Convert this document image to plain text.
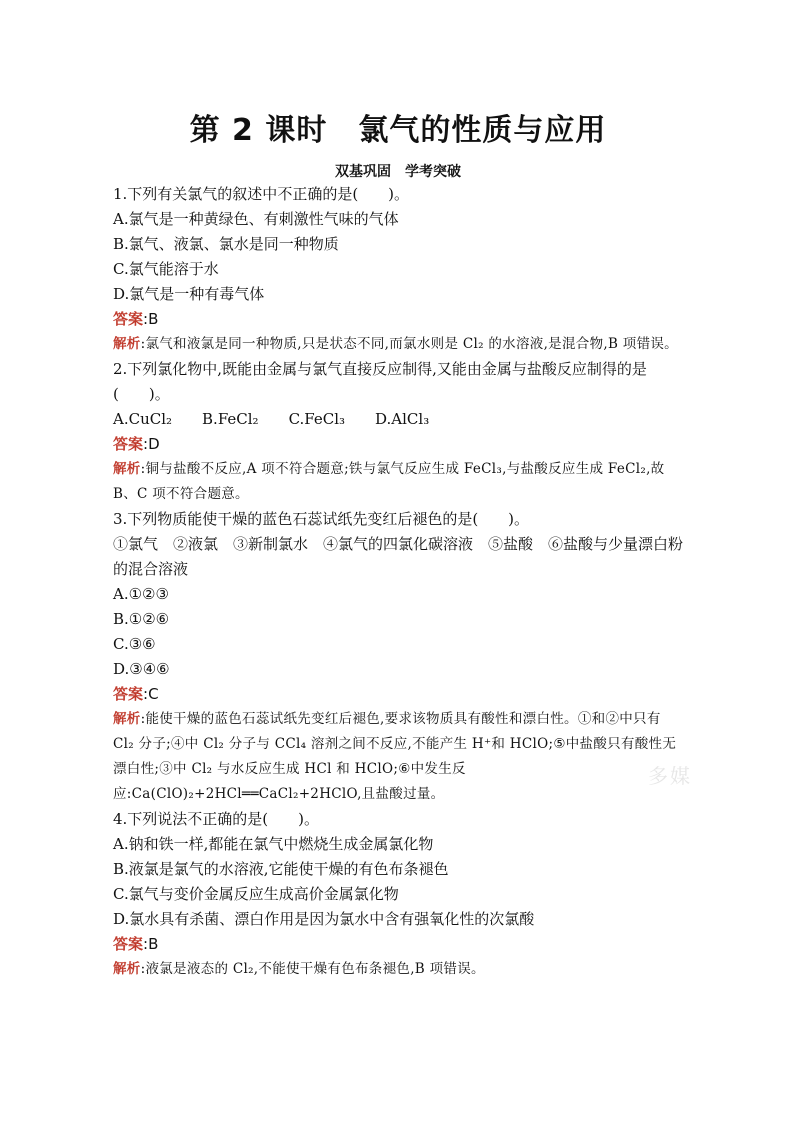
多媒
第 2 课时　氯气的性质与应用
双基巩固　学考突破
1.下列有关氯气的叙述中不正确的是(　　)。
A.氯气是一种黄绿色、有刺激性气味的气体
B.氯气、液氯、氯水是同一种物质
C.氯气能溶于水
D.氯气是一种有毒气体
答案:B
解析:氯气和液氯是同一种物质,只是状态不同,而氯水则是 Cl₂ 的水溶液,是混合物,B 项错误。
2.下列氯化物中,既能由金属与氯气直接反应制得,又能由金属与盐酸反应制得的是(　　)。
A.CuCl₂ B.FeCl₂ C.FeCl₃ D.AlCl₃
答案:D
解析:铜与盐酸不反应,A 项不符合题意;铁与氯气反应生成 FeCl₃,与盐酸反应生成 FeCl₂,故 B、C 项不符合题意。
3.下列物质能使干燥的蓝色石蕊试纸先变红后褪色的是(　　)。
①氯气　②液氯　③新制氯水　④氯气的四氯化碳溶液　⑤盐酸　⑥盐酸与少量漂白粉的混合溶液
A.①②③
B.①②⑥
C.③⑥
D.③④⑥
答案:C
解析:能使干燥的蓝色石蕊试纸先变红后褪色,要求该物质具有酸性和漂白性。①和②中只有 Cl₂ 分子;④中 Cl₂ 分子与 CCl₄ 溶剂之间不反应,不能产生 H⁺和 HClO;⑤中盐酸只有酸性无漂白性;③中 Cl₂ 与水反应生成 HCl 和 HClO;⑥中发生反应:Ca(ClO)₂+2HCl══CaCl₂+2HClO,且盐酸过量。
4.下列说法不正确的是(　　)。
A.钠和铁一样,都能在氯气中燃烧生成金属氯化物
B.液氯是氯气的水溶液,它能使干燥的有色布条褪色
C.氯气与变价金属反应生成高价金属氯化物
D.氯水具有杀菌、漂白作用是因为氯水中含有强氧化性的次氯酸
答案:B
解析:液氯是液态的 Cl₂,不能使干燥有色布条褪色,B 项错误。
